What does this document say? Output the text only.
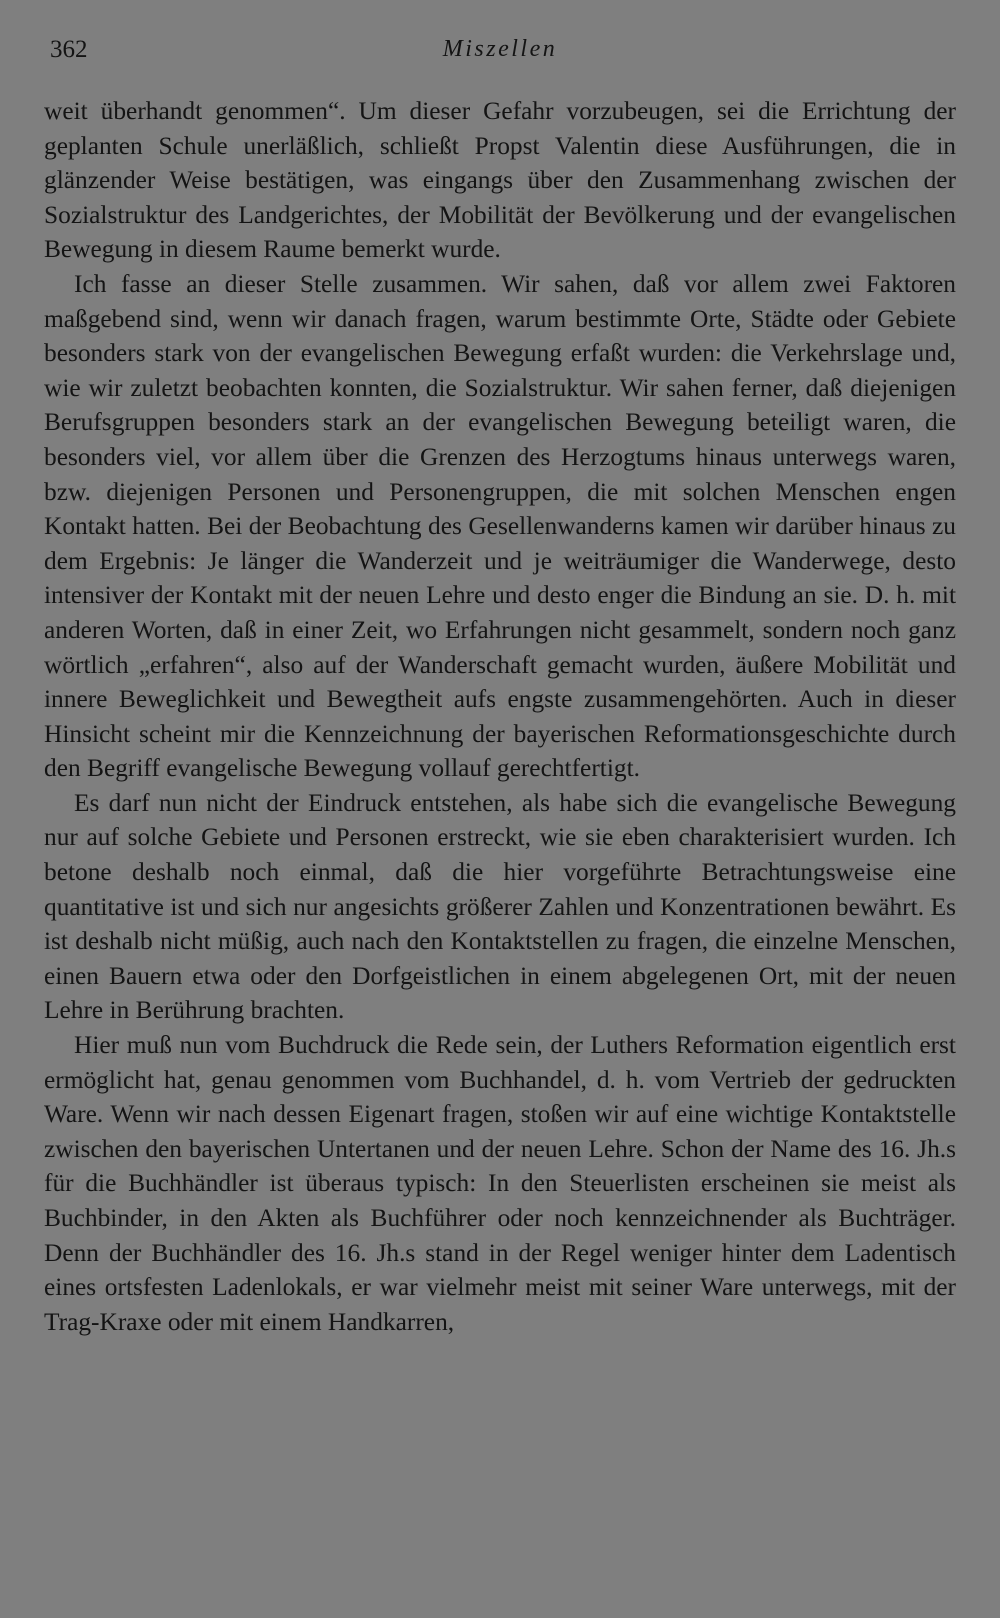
362	Miszellen

weit überhandt genommen“. Um dieser Gefahr vorzubeugen, sei die Errichtung der geplanten Schule unerläßlich, schließt Propst Valentin diese Ausführungen, die in glänzender Weise bestätigen, was eingangs über den Zusammenhang zwischen der Sozialstruktur des Landgerichtes, der Mobilität der Bevölkerung und der evangelischen Bewegung in diesem Raume bemerkt wurde.

Ich fasse an dieser Stelle zusammen. Wir sahen, daß vor allem zwei Faktoren maßgebend sind, wenn wir danach fragen, warum bestimmte Orte, Städte oder Gebiete besonders stark von der evangelischen Bewegung erfaßt wurden: die Verkehrslage und, wie wir zuletzt beobachten konnten, die Sozialstruktur. Wir sahen ferner, daß diejenigen Berufsgruppen besonders stark an der evangelischen Bewegung beteiligt waren, die besonders viel, vor allem über die Grenzen des Herzogtums hinaus unterwegs waren, bzw. diejenigen Personen und Personengruppen, die mit solchen Menschen engen Kontakt hatten. Bei der Beobachtung des Gesellenwanderns kamen wir darüber hinaus zu dem Ergebnis: Je länger die Wanderzeit und je weiträumiger die Wanderwege, desto intensiver der Kontakt mit der neuen Lehre und desto enger die Bindung an sie. D. h. mit anderen Worten, daß in einer Zeit, wo Erfahrungen nicht gesammelt, sondern noch ganz wörtlich „erfahren“, also auf der Wanderschaft gemacht wurden, äußere Mobilität und innere Beweglichkeit und Bewegtheit aufs engste zusammengehörten. Auch in dieser Hinsicht scheint mir die Kennzeichnung der bayerischen Reformationsgeschichte durch den Begriff evangelische Bewegung vollauf gerechtfertigt.

Es darf nun nicht der Eindruck entstehen, als habe sich die evangelische Bewegung nur auf solche Gebiete und Personen erstreckt, wie sie eben charakterisiert wurden. Ich betone deshalb noch einmal, daß die hier vorgeführte Betrachtungsweise eine quantitative ist und sich nur angesichts größerer Zahlen und Konzentrationen bewährt. Es ist deshalb nicht müßig, auch nach den Kontaktstellen zu fragen, die einzelne Menschen, einen Bauern etwa oder den Dorfgeistlichen in einem abgelegenen Ort, mit der neuen Lehre in Berührung brachten.

Hier muß nun vom Buchdruck die Rede sein, der Luthers Reformation eigentlich erst ermöglicht hat, genau genommen vom Buchhandel, d. h. vom Vertrieb der gedruckten Ware. Wenn wir nach dessen Eigenart fragen, stoßen wir auf eine wichtige Kontaktstelle zwischen den bayerischen Untertanen und der neuen Lehre. Schon der Name des 16. Jh.s für die Buchhändler ist überaus typisch: In den Steuerlisten erscheinen sie meist als Buchbinder, in den Akten als Buchführer oder noch kennzeichnender als Buchträger. Denn der Buchhändler des 16. Jh.s stand in der Regel weniger hinter dem Ladentisch eines ortsfesten Ladenlokals, er war vielmehr meist mit seiner Ware unterwegs, mit der Trag-Kraxe oder mit einem Handkarren,
